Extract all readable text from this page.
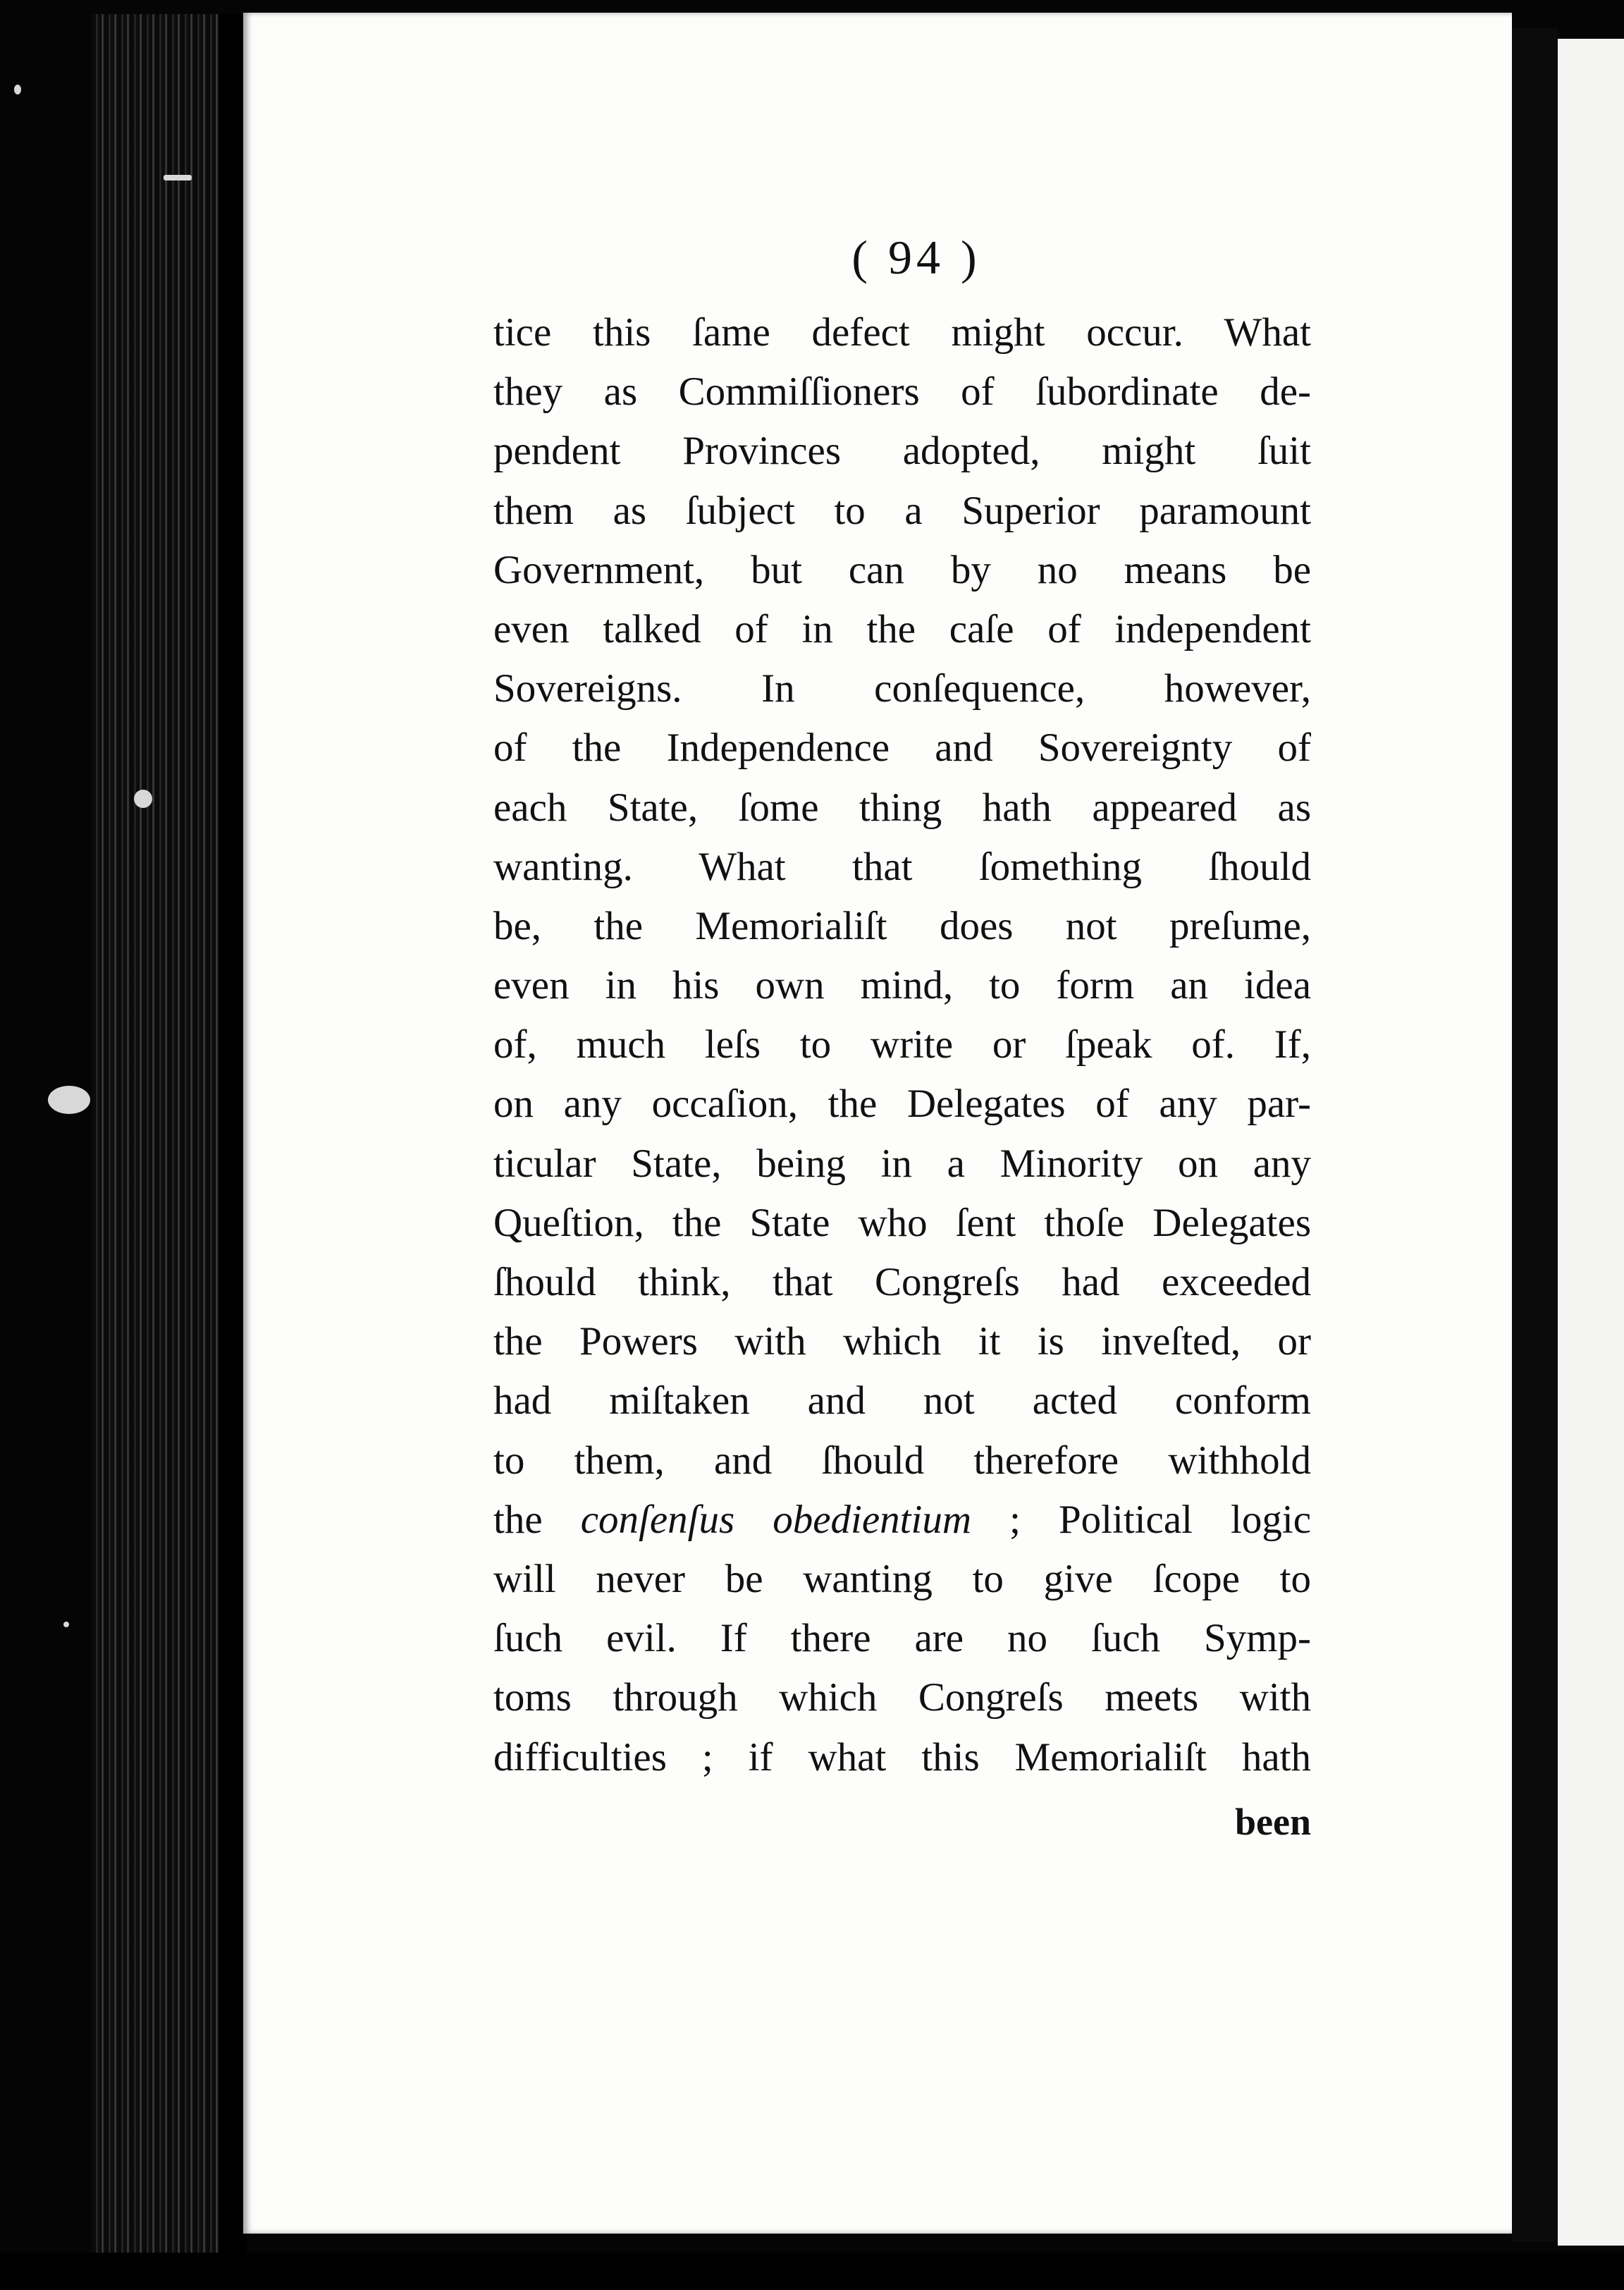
( 94 )
tice this ſame defect might occur. What
they as Commiſſioners of ſubordinate de-
pendent Provinces adopted, might ſuit
them as ſubject to a Superior paramount
Government, but can by no means be
even talked of in the caſe of independent
Sovereigns. In conſequence, however,
of the Independence and Sovereignty of
each State, ſome thing hath appeared as
wanting. What that ſomething ſhould
be, the Memorialiſt does not preſume,
even in his own mind, to form an idea
of, much leſs to write or ſpeak of. If,
on any occaſion, the Delegates of any par-
ticular State, being in a Minority on any
Queſtion, the State who ſent thoſe Delegates
ſhould think, that Congreſs had exceeded
the Powers with which it is inveſted, or
had miſtaken and not acted conform
to them, and ſhould therefore withhold
the conſenſus obedientium ; Political logic
will never be wanting to give ſcope to
ſuch evil. If there are no ſuch Symp-
toms through which Congreſs meets with
difficulties ; if what this Memorialiſt hath
been
